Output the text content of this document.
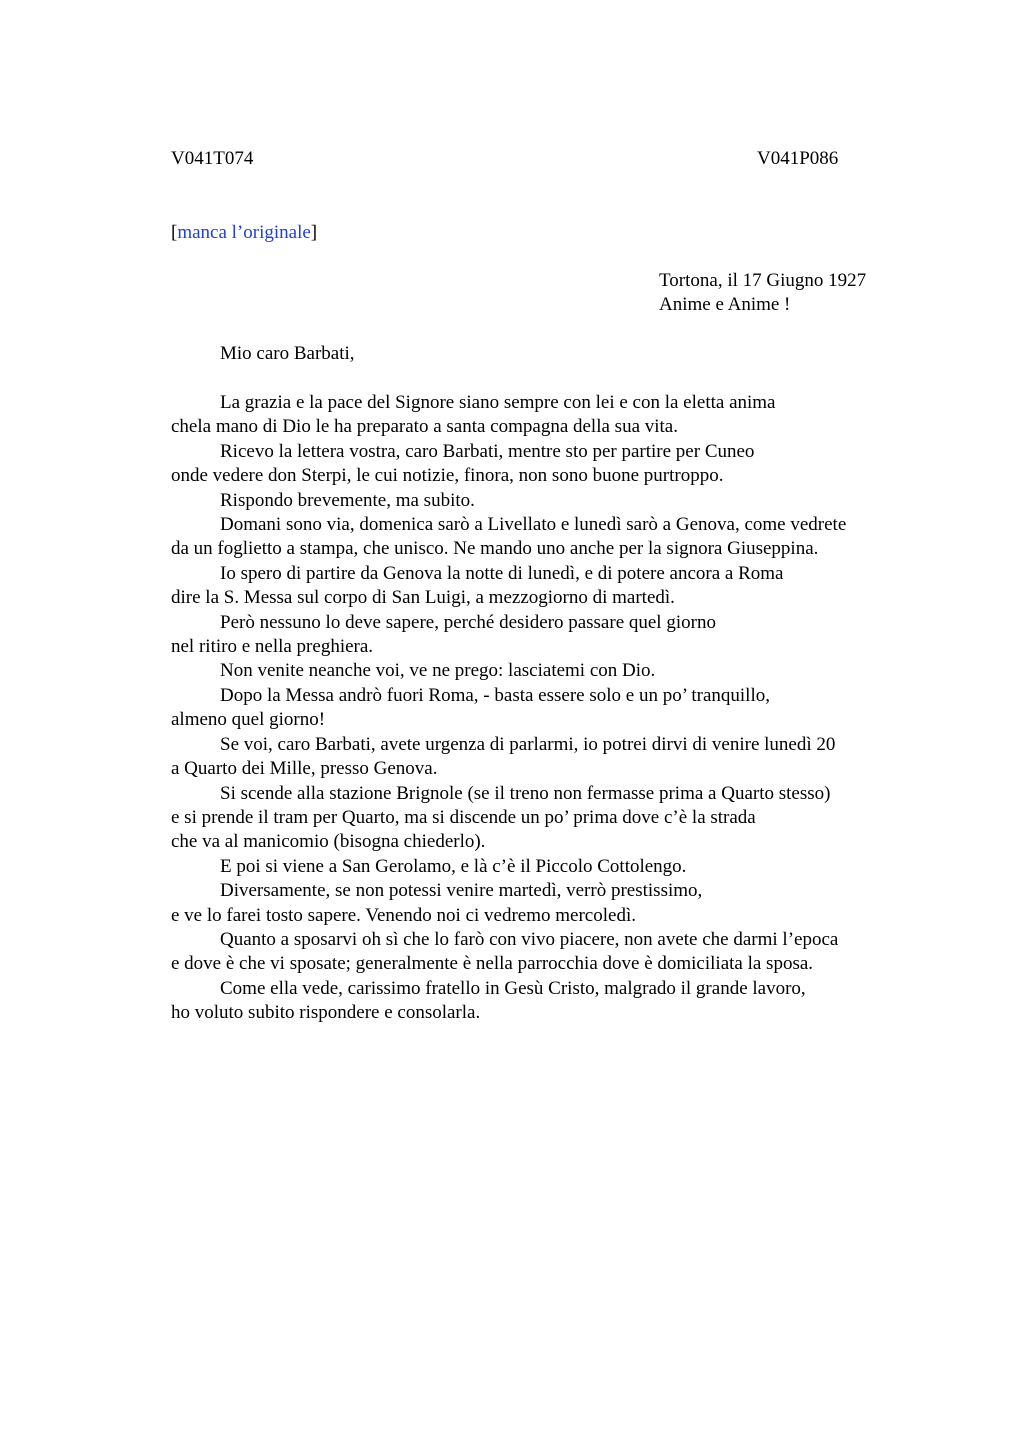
V041T074	V041P086
[manca l’originale]
Tortona, il 17 Giugno 1927
Anime e Anime !
Mio caro Barbati,
La grazia e la pace del Signore siano sempre con lei e con la eletta anima
chela mano di Dio le ha preparato a santa compagna della sua vita.
Ricevo la lettera vostra, caro Barbati, mentre sto per partire per Cuneo
onde vedere don Sterpi, le cui notizie, finora, non sono buone purtroppo.
Rispondo brevemente, ma subito.
Domani sono via, domenica sarò a Livellato e lunedì sarò a Genova, come vedrete
da un foglietto a stampa, che unisco. Ne mando uno anche per la signora Giuseppina.
Io spero di partire da Genova la notte di lunedì, e di potere ancora a Roma
dire la S. Messa sul corpo di San Luigi, a mezzogiorno di martedì.
Però nessuno lo deve sapere, perché desidero passare quel giorno
nel ritiro e nella preghiera.
Non venite neanche voi, ve ne prego: lasciatemi con Dio.
Dopo la Messa andrò fuori Roma, - basta essere solo e un po’ tranquillo,
almeno quel giorno!
Se voi, caro Barbati, avete urgenza di parlarmi, io potrei dirvi di venire lunedì 20
a Quarto dei Mille, presso Genova.
Si scende alla stazione Brignole (se il treno non fermasse prima a Quarto stesso)
e si prende il tram per Quarto, ma si discende un po’ prima dove c’è la strada
che va al manicomio (bisogna chiederlo).
E poi si viene a San Gerolamo, e là c’è il Piccolo Cottolengo.
Diversamente, se non potessi venire martedì, verrò prestissimo,
e ve lo farei tosto sapere. Venendo noi ci vedremo mercoledì.
Quanto a sposarvi oh sì che lo farò con vivo piacere, non avete che darmi l’epoca
e dove è che vi sposate; generalmente è nella parrocchia dove è domiciliata la sposa.
Come ella vede, carissimo fratello in Gesù Cristo, malgrado il grande lavoro,
ho voluto subito rispondere e consolarla.
